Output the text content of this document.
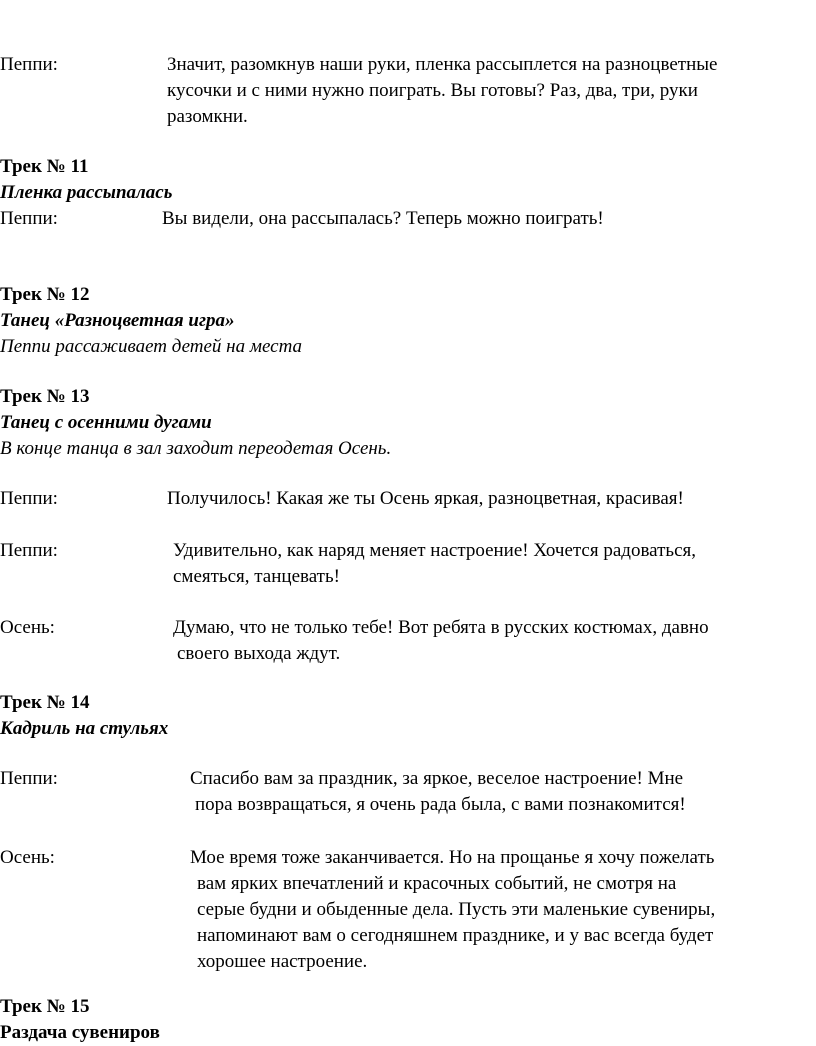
Пеппи:	Значит, разомкнув наши руки, пленка рассыплется на разноцветные
кусочки и с ними нужно поиграть. Вы готовы? Раз, два, три, руки
разомкни.
Трек № 11
Пленка рассыпалась
Пеппи:	Вы видели, она рассыпалась? Теперь можно поиграть!
Трек № 12
Танец «Разноцветная игра»
Пеппи рассаживает детей на места
Трек № 13
Танец с осенними дугами
В конце танца в зал заходит переодетая Осень.
Пеппи:	Получилось! Какая же ты Осень яркая, разноцветная, красивая!
Пеппи:	Удивительно, как наряд меняет настроение! Хочется радоваться,
смеяться, танцевать!
Осень:	Думаю, что не только тебе! Вот ребята в русских костюмах, давно
своего выхода ждут.
Трек № 14
Кадриль на стульях
Пеппи:	Спасибо вам за праздник, за яркое, веселое настроение! Мне
пора возвращаться, я очень рада была, с вами познакомится!
Осень:	Мое время тоже заканчивается. Но на прощанье я хочу пожелать
вам ярких впечатлений и красочных событий, не смотря на
серые будни и обыденные дела. Пусть эти маленькие сувениры,
напоминают вам о сегодняшнем празднике, и у вас всегда будет
хорошее настроение.
Трек № 15
Раздача сувениров
